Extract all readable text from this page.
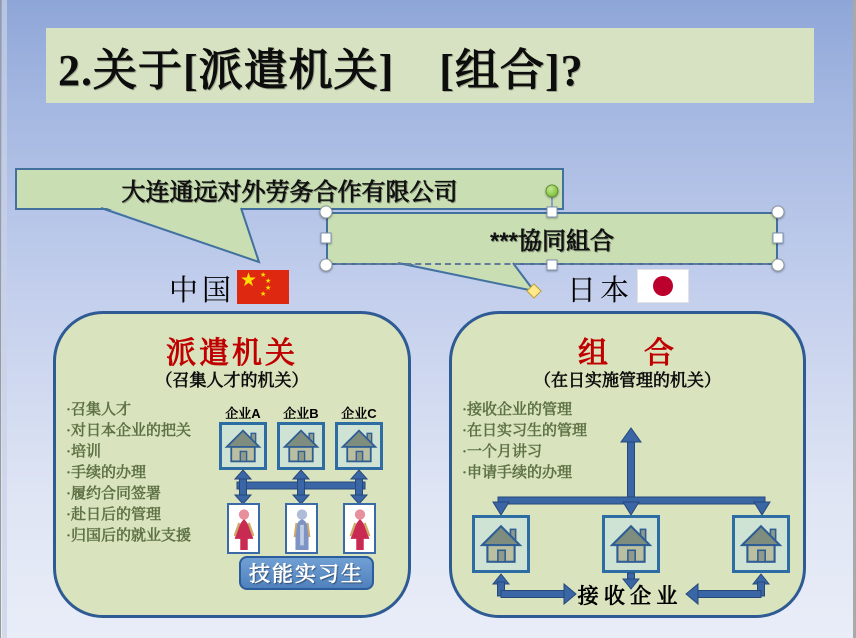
2.关于[派遣机关]　[组合]?
大连通远对外劳务合作有限公司
***協同組合
中国 ★ ★
★
★
★	日本
派遣机关
（召集人才的机关）
·召集人才
·对日本企业的把关
·培训
·手续的办理
·履约合同签署
·赴日后的管理
·归国后的就业支援
企业A	企业B	企业C
技能实习生
组　合
（在日实施管理的机关）
·接收企业的管理
·在日实习生的管理
·一个月讲习
·申请手续的办理
接 收 企 业
